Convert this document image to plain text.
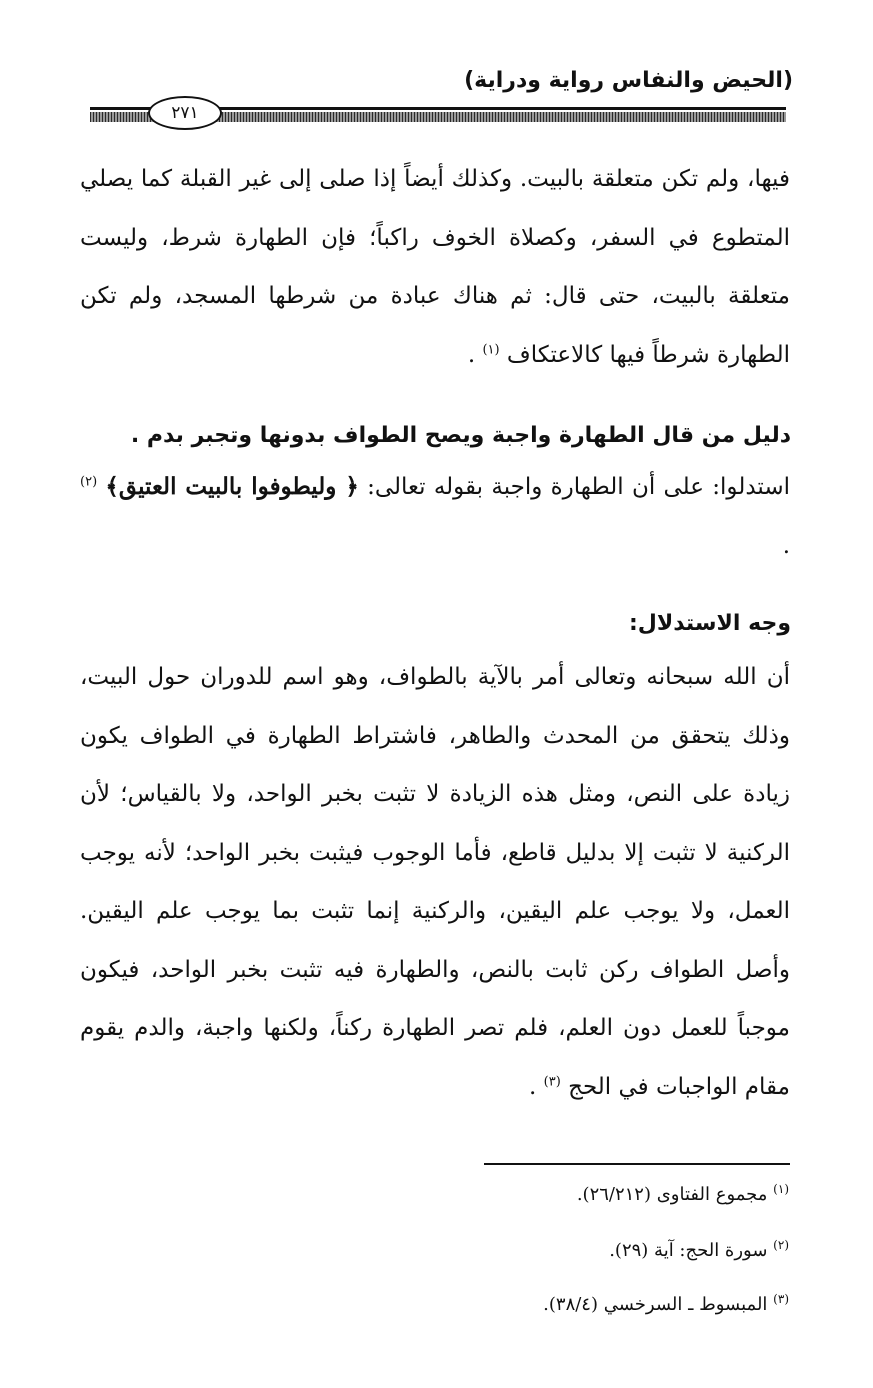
(الحيض والنفاس رواية ودراية)
٢٧١
فيها، ولم تكن متعلقة بالبيت. وكذلك أيضاً إذا صلى إلى غير القبلة كما يصلي المتطوع في السفر، وكصلاة الخوف راكباً؛ فإن الطهارة شرط، وليست متعلقة بالبيت، حتى قال: ثم هناك عبادة من شرطها المسجد، ولم تكن الطهارة شرطاً فيها كالاعتكاف $^{(١)}$ .
دليل من قال الطهارة واجبة ويصح الطواف بدونها وتجبر بدم .
استدلوا: على أن الطهارة واجبة بقوله تعالى: ﴿ وليطوفوا بالبيت العتيق﴾ $^{(٢)}$ .
وجه الاستدلال:
أن الله سبحانه وتعالى أمر بالآية بالطواف، وهو اسم للدوران حول البيت، وذلك يتحقق من المحدث والطاهر، فاشتراط الطهارة في الطواف يكون زيادة على النص، ومثل هذه الزيادة لا تثبت بخبر الواحد، ولا بالقياس؛ لأن الركنية لا تثبت إلا بدليل قاطع، فأما الوجوب فيثبت بخبر الواحد؛ لأنه يوجب العمل، ولا يوجب علم اليقين، والركنية إنما تثبت بما يوجب علم اليقين. وأصل الطواف ركن ثابت بالنص، والطهارة فيه تثبت بخبر الواحد، فيكون موجباً للعمل دون العلم، فلم تصر الطهارة ركناً، ولكنها واجبة، والدم يقوم مقام الواجبات في الحج $^{(٣)}$ .
$^{(١)}$ مجموع الفتاوى (٢٦/٢١٢).
$^{(٢)}$ سورة الحج: آية (٢٩).
$^{(٣)}$ المبسوط ـ السرخسي (٣٨/٤).
